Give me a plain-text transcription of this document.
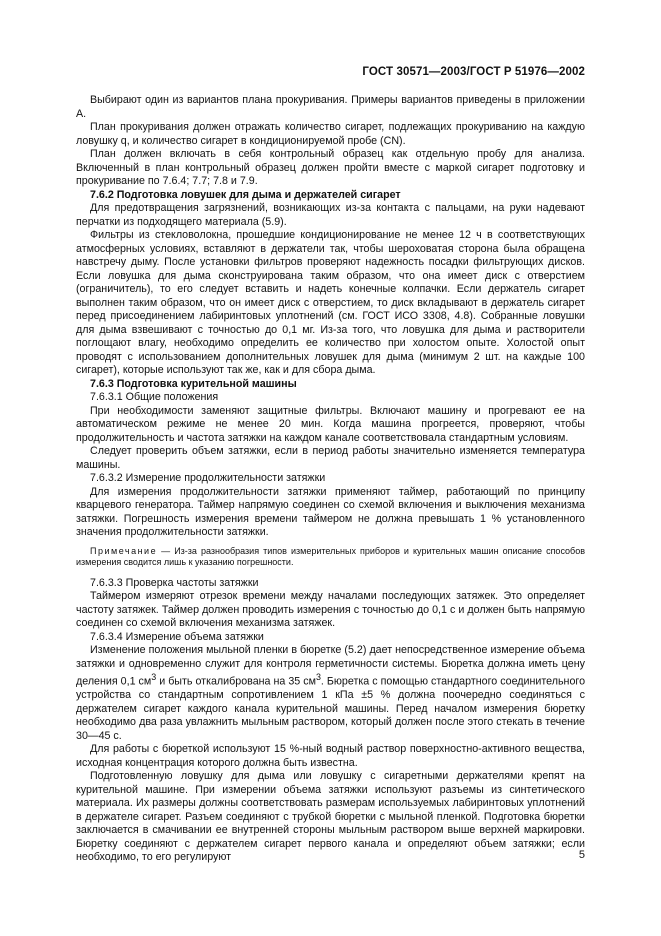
ГОСТ 30571—2003/ГОСТ Р 51976—2002

Выбирают один из вариантов плана прокуривания. Примеры вариантов приведены в приложении А.

План прокуривания должен отражать количество сигарет, подлежащих прокуриванию на каждую ловушку q, и количество сигарет в кондиционируемой пробе (CN).

План должен включать в себя контрольный образец как отдельную пробу для анализа. Включенный в план контрольный образец должен пройти вместе с маркой сигарет подготовку и прокуривание по 7.6.4; 7.7; 7.8 и 7.9.

7.6.2 Подготовка ловушек для дыма и держателей сигарет

Для предотвращения загрязнений, возникающих из-за контакта с пальцами, на руки надевают перчатки из подходящего материала (5.9).

Фильтры из стекловолокна, прошедшие кондиционирование не менее 12 ч в соответствующих атмосферных условиях, вставляют в держатели так, чтобы шероховатая сторона была обращена навстречу дыму. После установки фильтров проверяют надежность посадки фильтрующих дисков. Если ловушка для дыма сконструирована таким образом, что она имеет диск с отверстием (ограничитель), то его следует вставить и надеть конечные колпачки. Если держатель сигарет выполнен таким образом, что он имеет диск с отверстием, то диск вкладывают в держатель сигарет перед присоединением лабиринтовых уплотнений (см. ГОСТ ИСО 3308, 4.8). Собранные ловушки для дыма взвешивают с точностью до 0,1 мг. Из-за того, что ловушка для дыма и растворители поглощают влагу, необходимо определить ее количество при холостом опыте. Холостой опыт проводят с использованием дополнительных ловушек для дыма (минимум 2 шт. на каждые 100 сигарет), которые используют так же, как и для сбора дыма.

7.6.3 Подготовка курительной машины
7.6.3.1 Общие положения

При необходимости заменяют защитные фильтры. Включают машину и прогревают ее на автоматическом режиме не менее 20 мин. Когда машина прогреется, проверяют, чтобы продолжительность и частота затяжки на каждом канале соответствовала стандартным условиям.

Следует проверить объем затяжки, если в период работы значительно изменяется температура машины.

7.6.3.2 Измерение продолжительности затяжки

Для измерения продолжительности затяжки применяют таймер, работающий по принципу кварцевого генератора. Таймер напрямую соединен со схемой включения и выключения механизма затяжки. Погрешность измерения времени таймером не должна превышать 1 % установленного значения продолжительности затяжки.

Примечание — Из-за разнообразия типов измерительных приборов и курительных машин описание способов измерения сводится лишь к указанию погрешности.

7.6.3.3 Проверка частоты затяжки

Таймером измеряют отрезок времени между началами последующих затяжек. Это определяет частоту затяжек. Таймер должен проводить измерения с точностью до 0,1 с и должен быть напрямую соединен со схемой включения механизма затяжек.

7.6.3.4 Измерение объема затяжки

Изменение положения мыльной пленки в бюретке (5.2) дает непосредственное измерение объема затяжки и одновременно служит для контроля герметичности системы. Бюретка должна иметь цену деления 0,1 $см^3$ и быть откалибрована на 35 $см^3$. Бюретка с помощью стандартного соединительного устройства со стандартным сопротивлением 1 кПа ±5 % должна поочередно соединяться с держателем сигарет каждого канала курительной машины. Перед началом измерения бюретку необходимо два раза увлажнить мыльным раствором, который должен после этого стекать в течение 30—45 с.

Для работы с бюреткой используют 15 %-ный водный раствор поверхностно-активного вещества, исходная концентрация которого должна быть известна.

Подготовленную ловушку для дыма или ловушку с сигаретными держателями крепят на курительной машине. При измерении объема затяжки используют разъемы из синтетического материала. Их размеры должны соответствовать размерам используемых лабиринтовых уплотнений в держателе сигарет. Разъем соединяют с трубкой бюретки с мыльной пленкой. Подготовка бюретки заключается в смачивании ее внутренней стороны мыльным раствором выше верхней маркировки. Бюретку соединяют с держателем сигарет первого канала и определяют объем затяжки; если необходимо, то его регулируют	5
